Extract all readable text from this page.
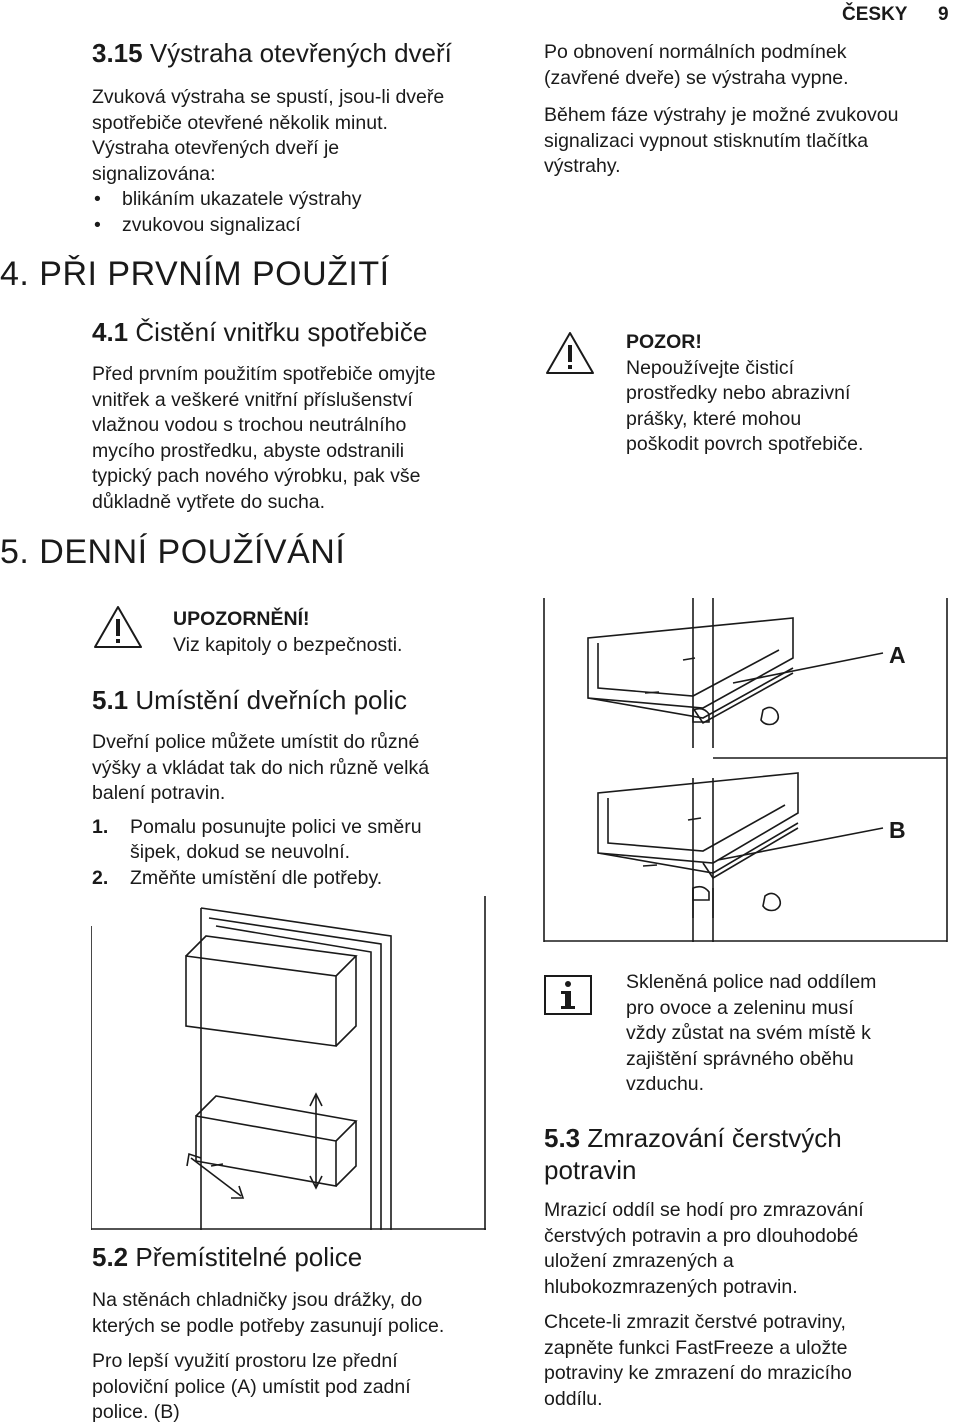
ČESKY 9
3.15 Výstraha otevřených dveří

Zvuková výstraha se spustí, jsou-li dveře

spotřebiče otevřené několik minut.

Výstraha otevřených dveří je

signalizována:

• blikáním ukazatele výstrahy

• zvukovou signalizací

Po obnovení normálních podmínek

(zavřené dveře) se výstraha vypne.

Během fáze výstrahy je možné zvukovou

signalizaci vypnout stisknutím tlačítka

výstrahy.

4. PŘI PRVNÍM POUŽITÍ
4.1 Čistění vnitřku spotřebiče

Před prvním použitím spotřebiče omyjte

vnitřek a veškeré vnitřní příslušenství

vlažnou vodou s trochou neutrálního

mycího prostředku, abyste odstranili

typický pach nového výrobku, pak vše

důkladně vytřete do sucha.

POZOR!

Nepoužívejte čisticí

prostředky nebo abrazivní

prášky, které mohou

poškodit povrch spotřebiče.

5. DENNÍ POUŽÍVÁNÍ

UPOZORNĚNÍ!

Viz kapitoly o bezpečnosti.

5.1 Umístění dveřních polic

Dveřní police můžete umístit do různé

výšky a vkládat tak do nich různě velká

balení potravin.

1. Pomalu posunujte polici ve směru

šipek, dokud se neuvolní.

2. Změňte umístění dle potřeby.

A
B

Skleněná police nad oddílem

pro ovoce a zeleninu musí

vždy zůstat na svém místě k

zajištění správného oběhu

vzduchu.

5.3 Zmrazování čerstvých
potravin

Mrazicí oddíl se hodí pro zmrazování

čerstvých potravin a pro dlouhodobé

uložení zmrazených a

hlubokozmrazených potravin.

Chcete-li zmrazit čerstvé potraviny,

zapněte funkci FastFreeze a uložte

potraviny ke zmrazení do mrazicího

oddílu.

5.2 Přemístitelné police

Na stěnách chladničky jsou drážky, do

kterých se podle potřeby zasunují police.

Pro lepší využití prostoru lze přední

poloviční police (A) umístit pod zadní

police. (B)
